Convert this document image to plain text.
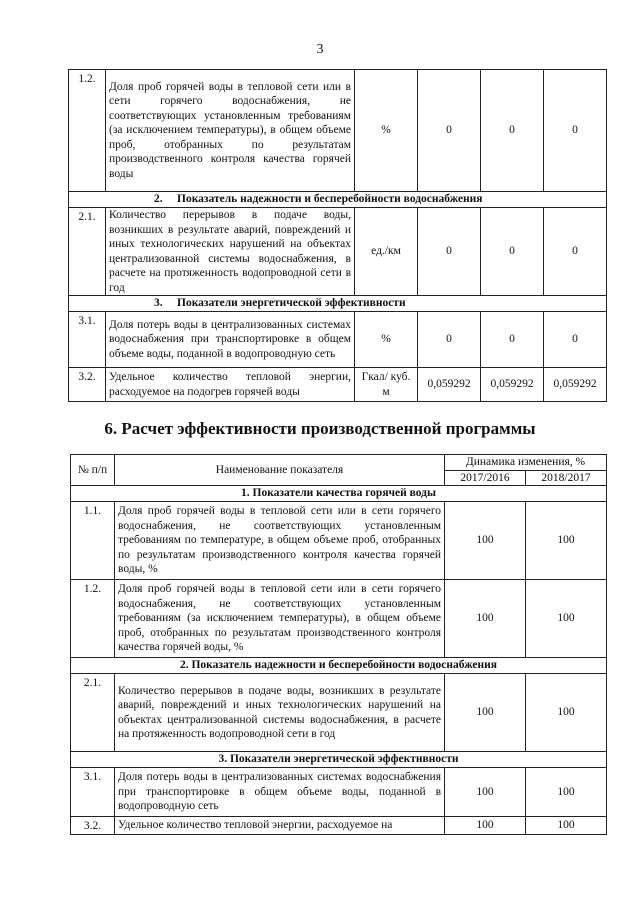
3
1.2.	Доля проб горячей воды в тепловой сети или в сети горячего водоснабжения, не соответствующих установленным требованиям (за исключением температуры), в общем объеме проб, отобранных по результатам производственного контроля качества горячей воды	%	0	0	0
2.     Показатель надежности и бесперебойности водоснабжения					
2.1.	Количество перерывов в подаче воды, возникших в результате аварий, повреждений и иных технологических нарушений на объектах централизованной системы водоснабжения, в расчете на протяженность водопроводной сети в год	ед./км	0	0	0
3.     Показатели энергетической эффективности					
3.1.	Доля потерь воды в централизованных системах водоснабжения при транспортировке в общем объеме воды, поданной в водопроводную сеть	%	0	0	0
3.2.	Удельное количество тепловой энергии, расходуемое на подогрев горячей воды	Гкал/ куб. м	0,059292	0,059292	0,059292
6. Расчет эффективности производственной программы
№ п/п	Наименование показателя	Динамика изменения, %	
		2017/2016	2018/2017
1. Показатели качества горячей воды			
1.1.	Доля проб горячей воды в тепловой сети или в сети горячего водоснабжения, не соответствующих установленным требованиям по температуре, в общем объеме проб, отобранных по результатам производственного контроля качества горячей воды, %	100	100
1.2.	Доля проб горячей воды в тепловой сети или в сети горячего водоснабжения, не соответствующих установленным требованиям (за исключением температуры), в общем объеме проб, отобранных по результатам производственного контроля качества горячей воды, %	100	100
2. Показатель надежности и бесперебойности водоснабжения			
2.1.	Количество перерывов в подаче воды, возникших в результате аварий, повреждений и иных технологических нарушений на объектах централизованной системы водоснабжения, в расчете на протяженность водопроводной сети в год	100	100
3. Показатели энергетической эффективности			
3.1.	Доля потерь воды в централизованных системах водоснабжения при транспортировке в общем объеме воды, поданной в водопроводную сеть	100	100
3.2.	Удельное количество тепловой энергии, расходуемое на	100	100
